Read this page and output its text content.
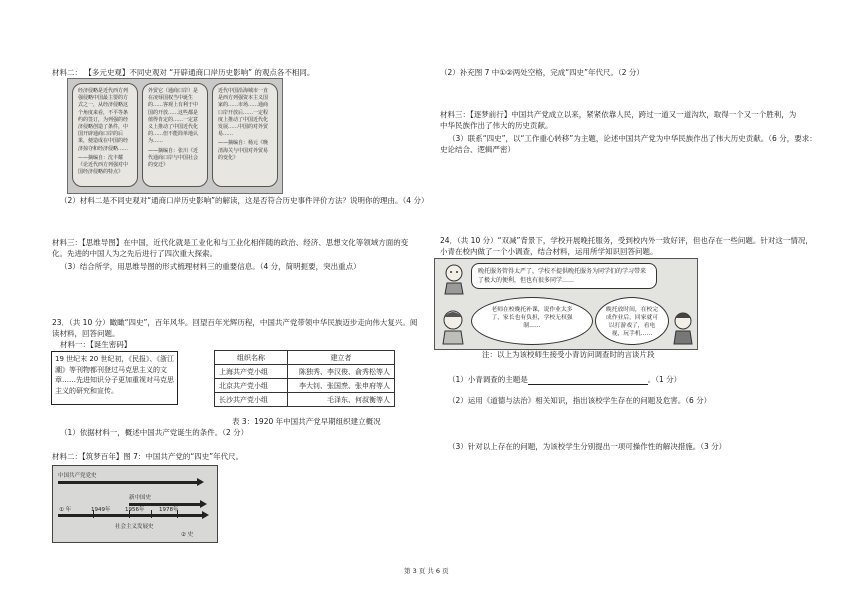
材料二： 【多元史观】不同史观对 “开辟通商口岸历史影响” 的观点各不相同。
经济侵略是近代西方列强侵略中国最主要的方式之一，从经济侵略这个角度来看，不平等条约的签订，为列强的经济侵略创造了条件，中国开辟通商口岸的后果，便造成在中国的经济掠夺和经济侵略……
——摘编自：沈丰耀《论近代西方列强对中国经济侵略的特点》
外贸它（通商口岸）是在凌辱国权当中诞生的……客观上有利于中国的开放……这些都是值得肯定的……一定意义上推动了中国近代化的……但不能简单地认为……
——摘编自：张川《近代通商口岸与中国社会的变迁》
近代中国沿海城市一直是西方列强资本主义国家的……市场……通商口岸开放后……一定程度上推动了中国近代化发展……中国的对外贸易……
——摘编自：杨元《晚清海关与中国对外贸易的变化》
（2）材料二是不同史观对“通商口岸历史影响”的解读，这是否符合历史事件评价方法？说明你的理由。（4 分）
材料三：【思维导图】在中国，近代化就是工业化和与工业化相伴随的政治、经济、思想文化等领域方面的变
化。先进的中国人为之先后进行了四次重大探索。
（3）结合所学，用思维导图的形式梳理材料三的重要信息。（4 分，简明扼要，突出重点）
23．（共 10 分）瞰瞰“四史”，百年风华。回望百年光辉历程，中国共产党带领中华民族迈步走向伟大复兴。阅
读材料，回答问题。
材料一：【诞生密码】
19 世纪末 20 世纪初，《民报》、《浙江潮》等刊物都刊登过马克思主义的文章……先进知识分子更加重视对马克思主义的研究和宣传。
组织名称	建立者
上海共产党小组	陈独秀、李汉俊、俞秀松等人
北京共产党小组	李大钊、张国焘、张申府等人
长沙共产党小组	毛泽东、何叔衡等人
表 3：1920 年中国共产党早期组织建立概况
（1）依据材料一，概述中国共产党诞生的条件。（2 分）
材料二：【筑梦百年】图 7：中国共产党的“四史”年代尺。
中国共产党党史
新中国史
① 年	1949年	1956年	1978年
社会主义发展史
② 史
（2）补充图 7 中①②两处空格，完成“四史”年代尺。（2 分）
材料三：【逐梦前行】中国共产党成立以来，紧紧依靠人民，跨过一道又一道沟坎，取得一个又一个胜利，为
中华民族作出了伟大的历史贡献。
（3）联系“四史”，以“工作重心转移”为主题，论述中国共产党为中华民族作出了伟大历史贡献。（6 分，要求：
史论结合、逻辑严密）
24．（共 10 分）“双减”背景下，学校开展晚托服务，受到校内外一致好评，但也存在一些问题。针对这一情况，
小青在校内做了一个小调查，结合材料，运用所学知识回答问题。
晚托服务管得太严了，学校不提供晚托服务为同学们的学习带来了极大的便利，但也有很多同学……
老师在校晚托补课，说作业太多了，家长也有负担，学校无权强制……
晚托放时间，在校完成作业后，回家就可以打游戏了，看电视，玩手机……
注：以上为该校师生接受小青访问调查时的言谈片段
（1）小青调查的主题是	。（1 分）
（2）运用《道德与法治》相关知识，指出该校学生存在的问题及危害。（6 分）
（3）针对以上存在的问题，为该校学生分别提出一项可操作性的解决措施。（3 分）
第 3 页 共 6 页
